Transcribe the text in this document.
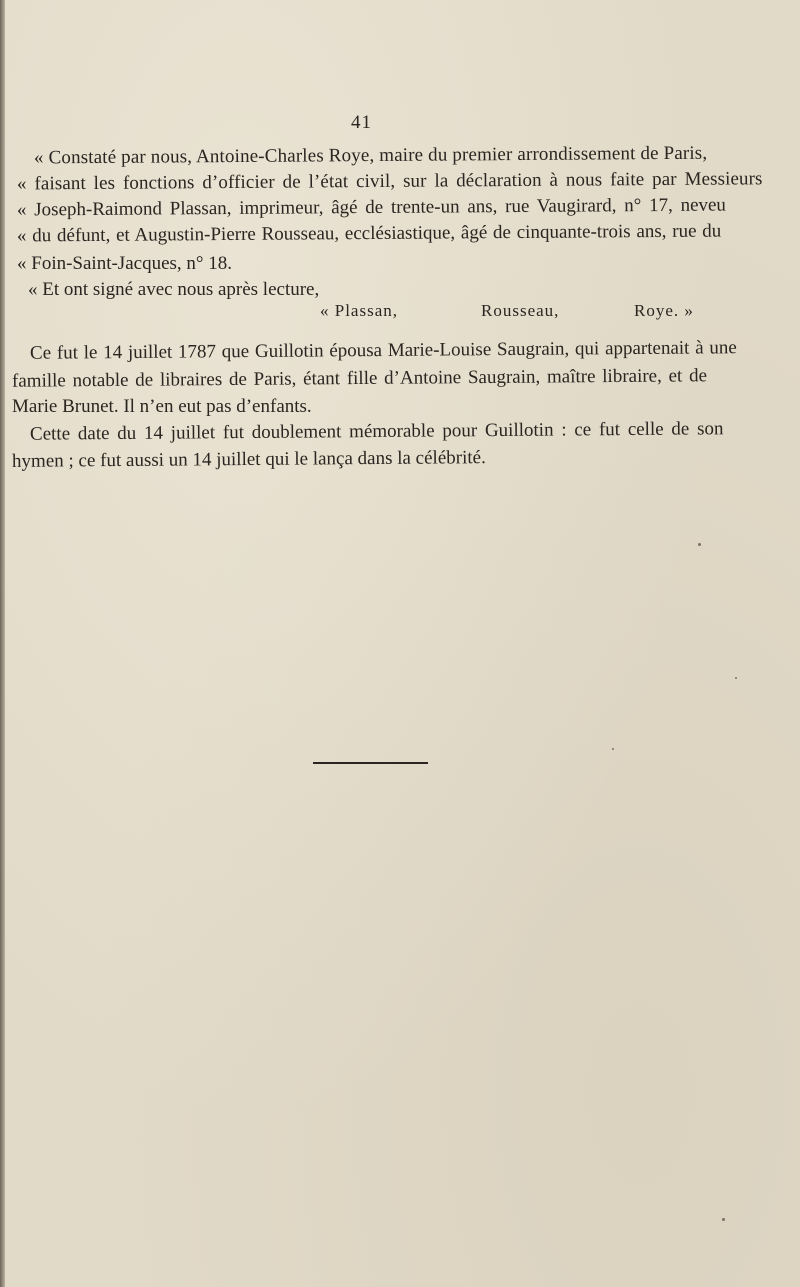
41
« Constaté par nous, Antoine-Charles Roye, maire du premier arrondissement de Paris,
« faisant les fonctions d’officier de l’état civil, sur la déclaration à nous faite par Messieurs
« Joseph-Raimond Plassan, imprimeur, âgé de trente-un ans, rue Vaugirard, n° 17, neveu
« du défunt, et Augustin-Pierre Rousseau, ecclésiastique, âgé de cinquante-trois ans, rue du
« Foin-Saint-Jacques, n° 18.
« Et ont signé avec nous après lecture,
« Plassan,	Rousseau,	Roye. »
Ce fut le 14 juillet 1787 que Guillotin épousa Marie-Louise Saugrain, qui appartenait à une
famille notable de libraires de Paris, étant fille d’Antoine Saugrain, maître libraire, et de
Marie Brunet. Il n’en eut pas d’enfants.
Cette date du 14 juillet fut doublement mémorable pour Guillotin : ce fut celle de son
hymen ; ce fut aussi un 14 juillet qui le lança dans la célébrité.
